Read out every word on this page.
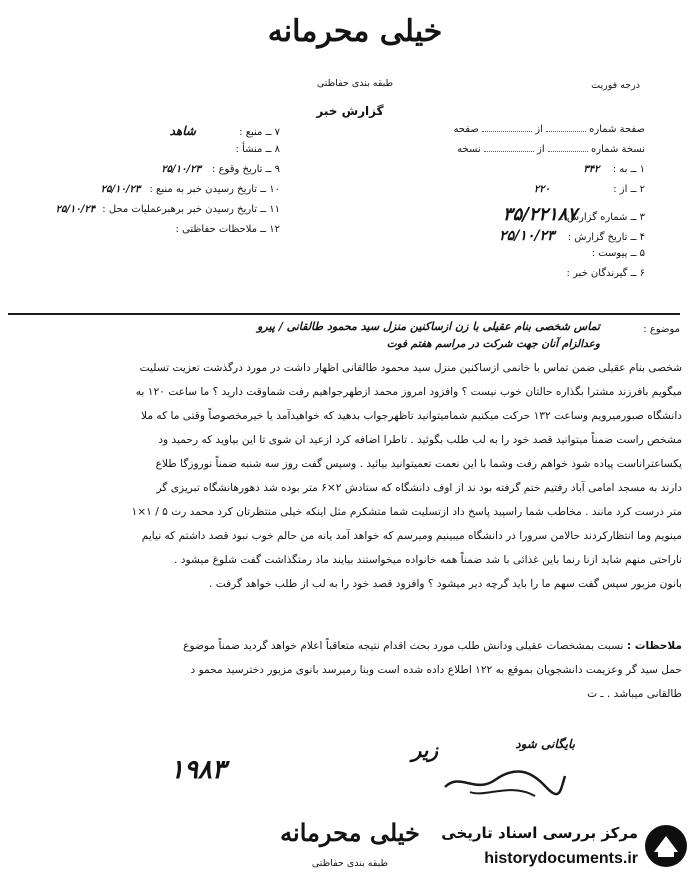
خیلی محرمانه
طبقه بندی حفاظتی	درجه فوریت
گزارش خبر
۷ ــ منبع : شاهد
۸ ــ منشأ :
۹ ــ تاریخ وقوع : ۲۵/۱۰/۲۳
۱۰ ــ تاریخ رسیدن خبر به منبع : ۲۵/۱۰/۲۳
۱۱ ــ تاریخ رسیدن خبر برهبرعملیات محل : ۲۵/۱۰/۲۴
۱۲ ــ ملاحظات حفاظتی :
صفحة شماره  از  صفحه
نسخة شماره  از  نسخه
۱ ــ به : ۳۴۲
۲ ــ از : ۲۲۰
۳ ــ شماره گزارش : ۳۵/۲۲۱۸۷
۴ ــ تاریخ گزارش : ۲۵/۱۰/۲۳
۵ ــ پیوست :
۶ ــ گیرندگان خبر :
موضوع :
تماس شخصی بنام عقیلی با زن ازساکنین منزل سید محمود طالقانی / پیرو
وعدالزام آنان جهت شرکت در مراسم هفتم فوت
شخصی بنام عقیلی ضمن تماس با خانمی ازساکنین منزل سید محمود طالقانی اظهار داشت در مورد درگذشت تعزیت تسلیت
میگویم بافرزند مشترا بگذاره حالتان خوب نیست ؟ وافزود امروز محمد ازطهرجواهیم رفت شماوقت دارید ؟ ما ساعت ۱۲۰ به
دانشگاه صبورمیرویم وساعت ۱۳۲ حرکت میکنیم شمامیتوانید تاظهرجواب بدهید که خواهیدآمد یا خیرمخصوصاً وقتی ما که ملا
مشخص راست ضمناً میتوانید قصد خود را به لب طلب بگوئید . تاطرا اضافه کرد ازعید ان شوی تا این بیاوید که رحمید ود
یکساعتراناست پیاده شود خواهم رفت وشما با این نعمت تعمیتوانید بیائید . وسپس گفت روز سه شنبه ضمناً نوروزگا طلاع
دارند به مسجد امامی آباد رفتیم ختم گرفته بود ند از اوف دانشگاه که ستادش ۲×۶ متر بوده شد دهورهانشگاه تبریزی گر
متر درست کرد مانند . مخاطب شما راسپید پاسخ داد ازتسلیت شما متشکرم مثل اینکه خیلی منتظرتان کرد محمد رت ۵ / ۱×۱
مینویم وما انتظارکردند حالامن سرورا در دانشگاه میبینیم ومیرسم که خواهد آمد یانه من حالم خوب نبود قصد داشتم که نیایم
ناراحتی منهم شاید ازنا رنما باین غذائی با شد ضمناً همه خانواده میخواستند بیایند ماد رمتگذاشت گفت شلوغ میشود .
بانون مزبور سپس گفت سهم ما را باید گرچه دیر میشود ؟ وافزود قصد خود را به لب از طلب خواهد گرفت .
ملاحظات : نسبت بمشخصات عقیلی ودانش طلب مورد بحث اقدام نتیجه متعاقباً اعلام خواهد گردید ضمناً موضوع
حمل سید گر وعزیمت دانشجویان بموقع به ۱۲۲ اطلاع داده شده است وبنا رمیرسد بانوی مزبور دخترسید محمو د
طالقانی میباشد . ـ ت
بایگانی شود
زیر
۱۹۸۳
خیلی محرمانه
طبقه بندی حفاظتی
مرکز بررسی اسناد تاریخی
historydocuments.ir
